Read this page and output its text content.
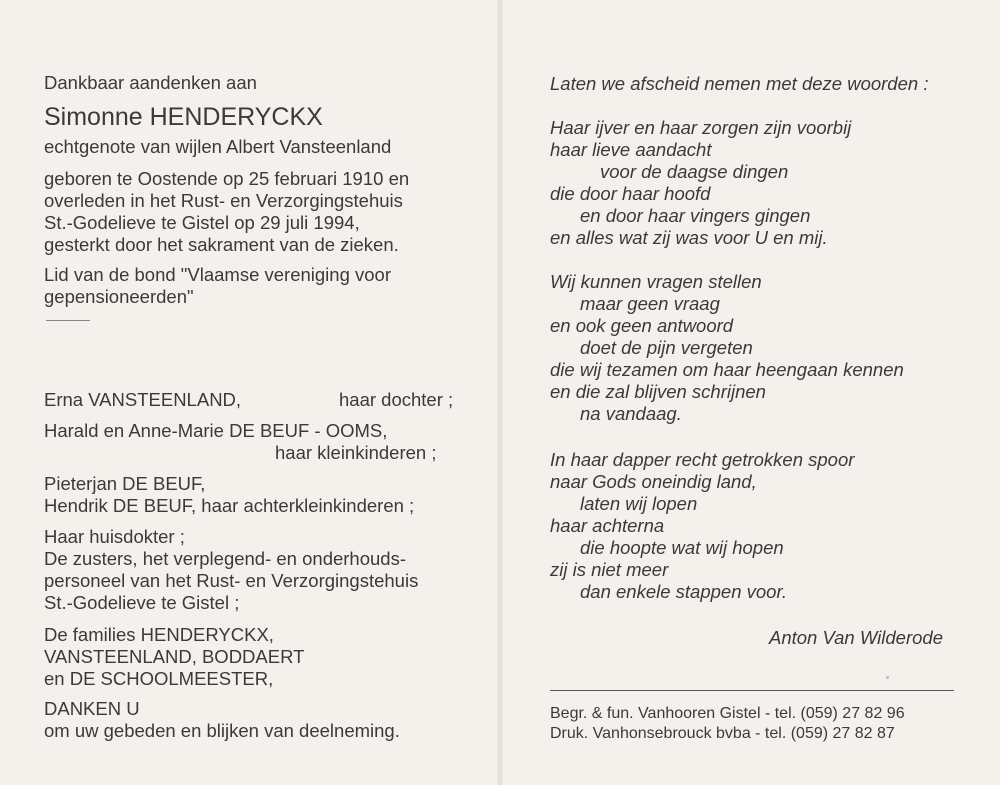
Dankbaar aandenken aan
Simonne HENDERYCKX
echtgenote van wijlen Albert Vansteenland
geboren te Oostende op 25 februari 1910 en
overleden in het Rust- en Verzorgingstehuis
St.-Godelieve te Gistel op 29 juli 1994,
gesterkt door het sakrament van de zieken.
Lid van de bond "Vlaamse vereniging voor
gepensioneerden"
Erna VANSTEENLAND,	haar dochter ;
Harald en Anne-Marie DE BEUF - OOMS,
haar kleinkinderen ;
Pieterjan DE BEUF,
Hendrik DE BEUF, haar achterkleinkinderen ;
Haar huisdokter ;
De zusters, het verplegend- en onderhouds-
personeel van het Rust- en Verzorgingstehuis
St.-Godelieve te Gistel ;
De families HENDERYCKX,
VANSTEENLAND, BODDAERT
en DE SCHOOLMEESTER,
DANKEN U
om uw gebeden en blijken van deelneming.
Laten we afscheid nemen met deze woorden :
Haar ijver en haar zorgen zijn voorbij
haar lieve aandacht
voor de daagse dingen
die door haar hoofd
en door haar vingers gingen
en alles wat zij was voor U en mij.
Wij kunnen vragen stellen
maar geen vraag
en ook geen antwoord
doet de pijn vergeten
die wij tezamen om haar heengaan kennen
en die zal blijven schrijnen
na vandaag.
In haar dapper recht getrokken spoor
naar Gods oneindig land,
laten wij lopen
haar achterna
die hoopte wat wij hopen
zij is niet meer
dan enkele stappen voor.
Anton Van Wilderode
Begr. & fun. Vanhooren Gistel - tel. (059) 27 82 96
Druk. Vanhonsebrouck bvba - tel. (059) 27 82 87
